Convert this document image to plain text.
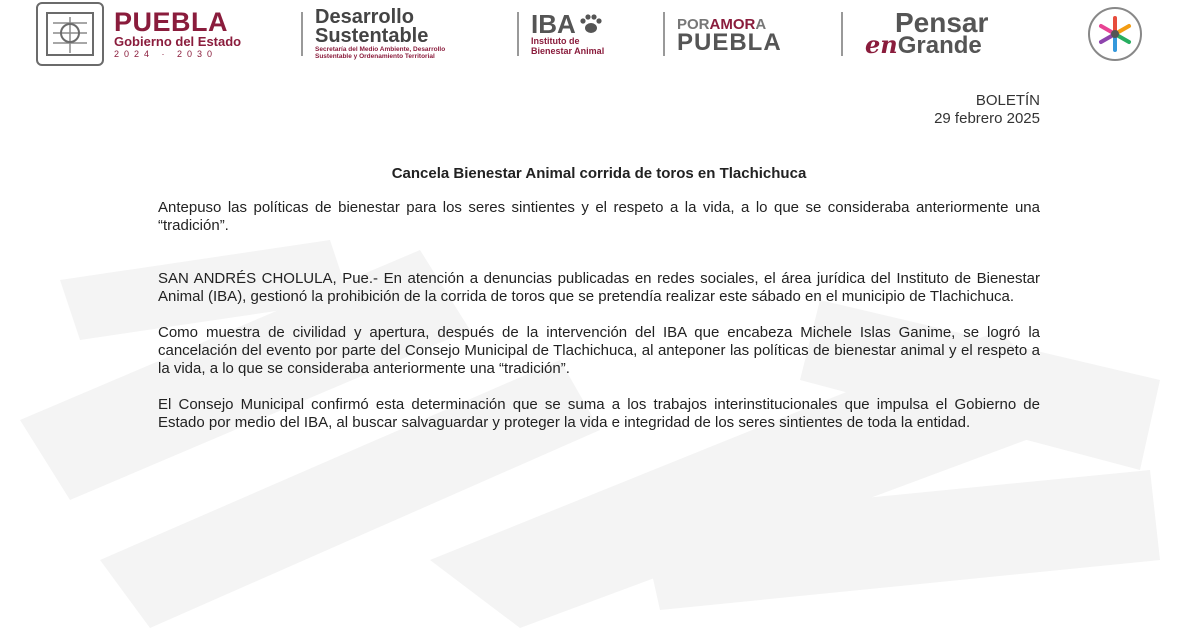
PUEBLA
Gobierno del Estado
2024 · 2030
Desarrollo
Sustentable
Secretaría del Medio Ambiente, Desarrollo
Sustentable y Ordenamiento Territorial
IBA
Instituto de
Bienestar Animal
PORAMORA
PUEBLA
Pensar
enGrande
BOLETÍN
29 febrero 2025
Cancela Bienestar Animal corrida de toros en Tlachichuca

Antepuso las políticas de bienestar para los seres sintientes y el respeto a la vida, a lo que se consideraba anteriormente una “tradición”.

SAN ANDRÉS CHOLULA, Pue.- En atención a denuncias publicadas en redes sociales, el área jurídica del Instituto de Bienestar Animal (IBA), gestionó la prohibición de la corrida de toros que se pretendía realizar este sábado en el municipio de Tlachichuca.

Como muestra de civilidad y apertura, después de la intervención del IBA que encabeza Michele Islas Ganime, se logró la cancelación del evento por parte del Consejo Municipal de Tlachichuca, al anteponer las políticas de bienestar animal y el respeto a la vida, a lo que se consideraba anteriormente una “tradición”.

El Consejo Municipal confirmó esta determinación que se suma a los trabajos interinstitucionales que impulsa el Gobierno de Estado por medio del IBA, al buscar salvaguardar y proteger la vida e integridad de los seres sintientes de toda la entidad.
